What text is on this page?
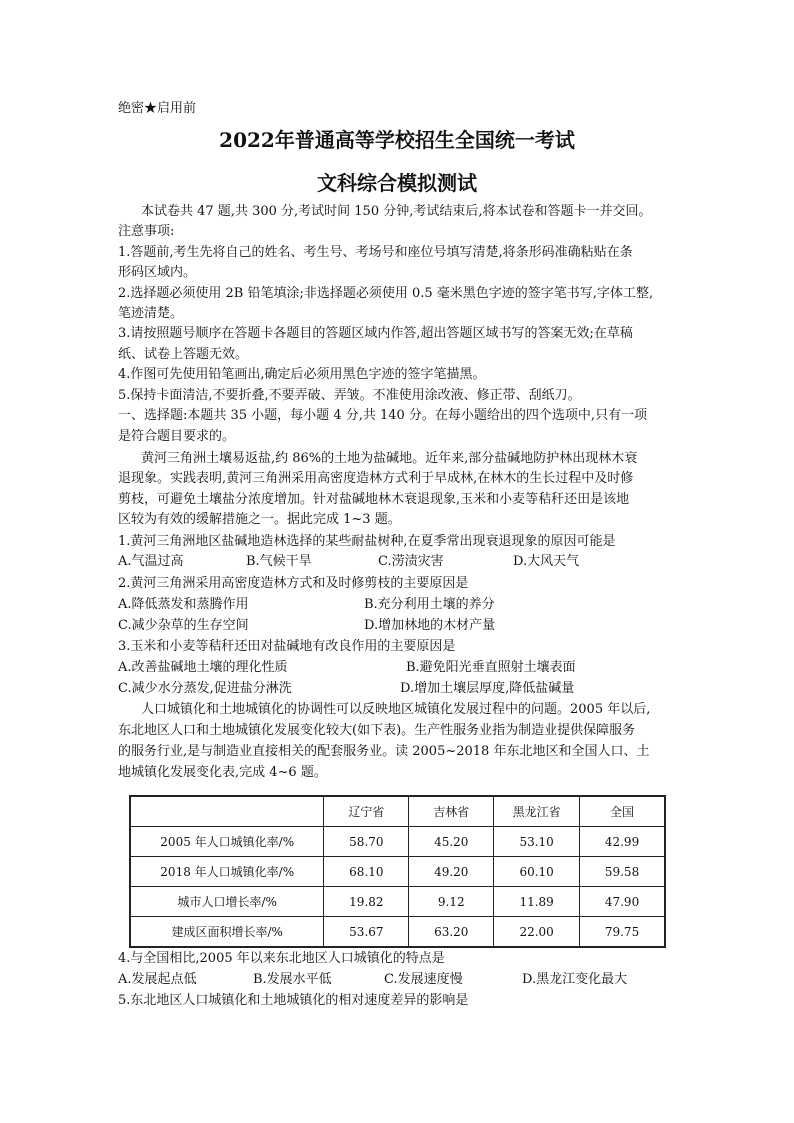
绝密★启用前
2022年普通高等学校招生全国统一考试
文科综合模拟测试
本试卷共 47 题,共 300 分,考试时间 150 分钟,考试结束后,将本试卷和答题卡一并交回。
注意事项:
1.答题前,考生先将自己的姓名、考生号、考场号和座位号填写清楚,将条形码准确粘贴在条
形码区域内。
2.选择题必须使用 2B 铅笔填涂;非选择题必须使用 0.5 毫米黑色字迹的签字笔书写,字体工整,
笔迹清楚。
3.请按照题号顺序在答题卡各题目的答题区域内作答,超出答题区域书写的答案无效;在草稿
纸、试卷上答题无效。
4.作图可先使用铅笔画出,确定后必须用黑色字迹的签字笔描黑。
5.保持卡面清洁,不要折叠,不要弄破、弄皱。不准使用涂改液、修正带、刮纸刀。
一、选择题:本题共 35 小题，每小题 4 分,共 140 分。在每小题给出的四个选项中,只有一项
是符合题目要求的。
黄河三角洲土壤易返盐,约 86%的土地为盐碱地。近年来,部分盐碱地防护林出现林木衰
退现象。实践表明,黄河三角洲采用高密度造林方式利于早成林,在林木的生长过程中及时修
剪枝，可避免土壤盐分浓度增加。针对盐碱地林木衰退现象,玉米和小麦等秸秆还田是该地
区较为有效的缓解措施之一。据此完成 1~3 题。
1.黄河三角洲地区盐碱地造林选择的某些耐盐树种,在夏季常出现衰退现象的原因可能是
A.气温过高	B.气候干旱	C.涝渍灾害	D.大风天气
2.黄河三角洲采用高密度造林方式和及时修剪枝的主要原因是
A.降低蒸发和蒸腾作用	B.充分利用土壤的养分
C.减少杂草的生存空间	D.增加林地的木材产量
3.玉米和小麦等秸秆还田对盐碱地有改良作用的主要原因是
A.改善盐碱地土壤的理化性质	B.避免阳光垂直照射土壤表面
C.减少水分蒸发,促进盐分淋洗	D.增加土壤层厚度,降低盐碱量
人口城镇化和土地城镇化的协调性可以反映地区城镇化发展过程中的问题。2005 年以后,
东北地区人口和土地城镇化发展变化较大(如下表)。生产性服务业指为制造业提供保障服务
的服务行业,是与制造业直接相关的配套服务业。读 2005~2018 年东北地区和全国人口、土
地城镇化发展变化表,完成 4~6 题。
	辽宁省	吉林省	黑龙江省	全国
2005 年人口城镇化率/%	58.70	45.20	53.10	42.99
2018 年人口城镇化率/%	68.10	49.20	60.10	59.58
城市人口增长率/%	19.82	9.12	11.89	47.90
建成区面积增长率/%	53.67	63.20	22.00	79.75
4.与全国相比,2005 年以来东北地区人口城镇化的特点是
A.发展起点低	B.发展水平低	C.发展速度慢	D.黑龙江变化最大
5.东北地区人口城镇化和土地城镇化的相对速度差异的影响是
